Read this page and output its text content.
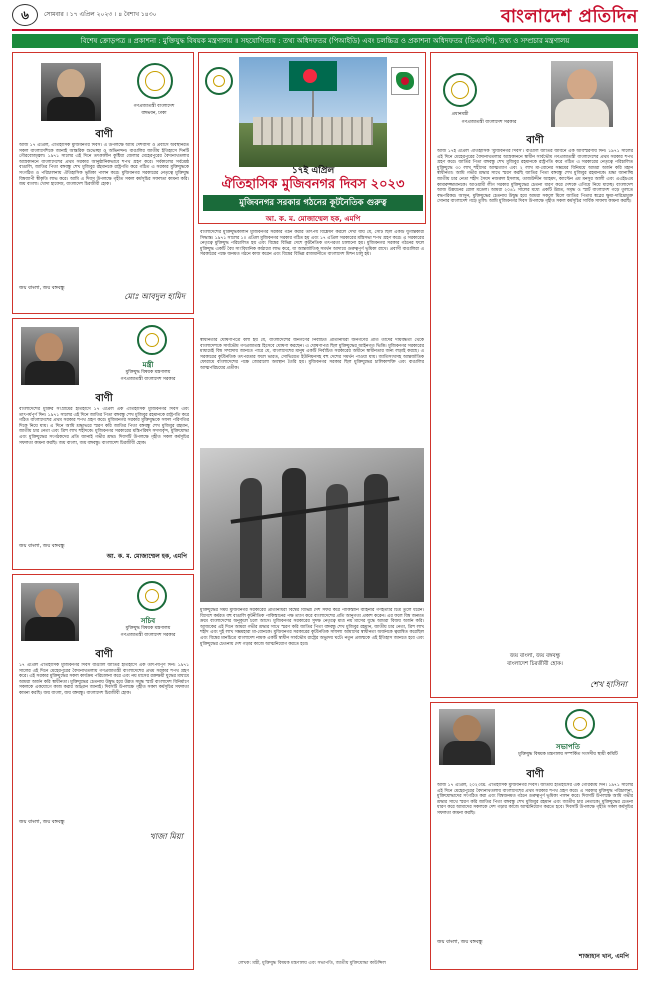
৬	সোমবার । ১৭ এপ্রিল ২০২৩ । ৪ বৈশাখ ১৪৩০	বাংলাদেশ প্রতিদিন
বিশেষ ক্রোড়পত্র ॥ প্রকাশনা : মুক্তিযুদ্ধ বিষয়ক মন্ত্রণালয় ॥ সহযোগিতায় : তথ্য অধিদফতর (পিআইডি) এবং চলচ্চিত্র ও প্রকাশনা অধিদফতর (ডিএফপি), তথ্য ও সম্প্রচার মন্ত্রণালয়
গণপ্রজাতন্ত্রী বাংলাদেশ
বঙ্গভবন, ঢাকা
বাণী
আজ ১৭ এপ্রিল, ঐতিহাসিক মুজিবনগর দিবস। এ উপলক্ষে আমি দেশবাসী ও প্রবাসে অবস্থানরত সকল বাংলাদেশিকে জানাই আন্তরিক শুভেচ্ছা ও অভিনন্দন। বাঙালির জাতীয় ইতিহাসে দিনটি গৌরবোজ্জ্বল। ১৯৭১ সালের এই দিনে তৎকালীন কুষ্টিয়া জেলার মেহেরপুরের বৈদ্যনাথতলার আম্রকাননে বাংলাদেশের প্রথম সরকার আনুষ্ঠানিকভাবে শপথ গ্রহণ করে। সর্বকালের সর্বশ্রেষ্ঠ বাঙালি, জাতির পিতা বঙ্গবন্ধু শেখ মুজিবুর রহমানকে রাষ্ট্রপতি করে গঠিত এ সরকার মুক্তিযুদ্ধকে সংগঠিত ও পরিচালনায় ঐতিহাসিক ভূমিকা পালন করে। মুজিবনগর সরকারের নেতৃত্বে মুক্তিযুদ্ধ বিশ্বব্যাপী স্বীকৃতি লাভ করে। আমি এ দিবস উপলক্ষে গৃহীত সকল কর্মসূচির সফলতা কামনা করি। জয় বাংলা। খোদা হাফেজ, বাংলাদেশ চিরজীবী হোক।
জয় বাংলা, জয় বঙ্গবন্ধু
মোঃ আবদুল হামিদ
মন্ত্রী
মুক্তিযুদ্ধ বিষয়ক মন্ত্রণালয়
গণপ্রজাতন্ত্রী বাংলাদেশ সরকার
বাণী
বাংলাদেশের মুক্তির সংগ্রামের ইতিহাসে ১৭ এপ্রিল এক ঐতিহাসিক মুজিবনগর দিবস এবং তাৎপর্যপূর্ণ দিন। ১৯৭১ সালের এই দিনে জাতির পিতা বঙ্গবন্ধু শেখ মুজিবুর রহমানকে রাষ্ট্রপতি করে গঠিত বাংলাদেশের প্রথম সরকার শপথ গ্রহণ করে। মুজিবনগর সরকার মুক্তিযুদ্ধকে সফল পরিণতির দিকে নিয়ে যায়। এ দিনে আমি শ্রদ্ধাভরে স্মরণ করি জাতির পিতা বঙ্গবন্ধু শেখ মুজিবুর রহমান, জাতীয় চার নেতা এবং ত্রিশ লাখ শহীদকে। মুজিবনগর সরকারের মন্ত্রিপরিষদ সদস্যবৃন্দ, মুক্তিযোদ্ধা এবং মুক্তিযুদ্ধের সংগঠকদের প্রতি জানাই গভীর শ্রদ্ধা। দিবসটি উপলক্ষে গৃহীত সকল কর্মসূচির সফলতা কামনা করছি। জয় বাংলা, জয় বঙ্গবন্ধু। বাংলাদেশ চিরজীবী হোক।
জয় বাংলা, জয় বঙ্গবন্ধু
আ. ক. ম. মোজাম্মেল হক, এমপি
সচিব
মুক্তিযুদ্ধ বিষয়ক মন্ত্রণালয়
গণপ্রজাতন্ত্রী বাংলাদেশ সরকার
বাণী
১৭ এপ্রিল ঐতিহাসিক মুজিবনগর দিবস বাঙালি জাতির ইতিহাসে এক তাৎপর্যপূর্ণ দিন। ১৯৭১ সালের এই দিনে মেহেরপুরের বৈদ্যনাথতলায় গণপ্রজাতন্ত্রী বাংলাদেশের প্রথম সরকার শপথ গ্রহণ করে। এই সরকার মুক্তিযুদ্ধের সকল কার্যক্রম পরিচালনা করে এবং নয় মাসের রক্তক্ষয়ী যুদ্ধের মাধ্যমে আমরা অর্জন করি স্বাধীনতা। মুক্তিযুদ্ধের চেতনায় উদ্বুদ্ধ হয়ে উন্নত সমৃদ্ধ স্মার্ট বাংলাদেশ বিনির্মাণে সকলকে একযোগে কাজ করার আহ্বান জানাই। দিবসটি উপলক্ষে গৃহীত সকল কর্মসূচির সফলতা কামনা করছি। জয় বাংলা, জয় বঙ্গবন্ধু। বাংলাদেশ চিরজীবী হোক।
জয় বাংলা, জয় বঙ্গবন্ধু
খাজা মিয়া
১৭ই এপ্রিল
ঐতিহাসিক মুজিবনগর দিবস ২০২৩
মুজিবনগর সরকার গঠনের কূটনৈতিক গুরুত্ব
আ. ক. ম. মোজাম্মেল হক, এমপি
বাংলাদেশের মুক্তিযুদ্ধকালীন মুজিবনগর সরকার গঠন করার তাৎপর্য বিশ্লেষণ করলে দেখা যায় যে, সেটি ছিল একটি যুগান্তকারী সিদ্ধান্ত। ১৯৭১ সালের ১০ এপ্রিল মুজিবনগর সরকার গঠিত হয় এবং ১৭ এপ্রিল সরকারের মন্ত্রিসভা শপথ গ্রহণ করে। এ সরকারের নেতৃত্বে মুক্তিযুদ্ধ পরিচালিত হয় এবং বিশ্বের বিভিন্ন দেশে কূটনৈতিক তৎপরতা চালানো হয়। মুজিবনগর সরকার গঠনের ফলে মুক্তিযুদ্ধ একটি বৈধ সাংবিধানিক কাঠামো লাভ করে, যা আন্তর্জাতিক সমর্থন আদায়ে গুরুত্বপূর্ণ ভূমিকা রাখে। প্রবাসী বাঙালিরা এ সরকারের পক্ষে জনমত গঠনে কাজ করেন এবং বিশ্বের বিভিন্ন রাজধানীতে বাংলাদেশ মিশন চালু হয়।
স্বাধীনতার ঘোষণাপত্রে বলা হয় যে, বাংলাদেশের জনগণের নির্বাচিত প্রতিনিধিরা জনগণের প্রতি তাঁদের দায়বদ্ধতা থেকে বাংলাদেশকে সার্বভৌম গণপ্রজাতন্ত্র হিসেবে ঘোষণা করছেন। এ ঘোষণাপত্র ছিল মুক্তিযুদ্ধের আইনগত ভিত্তি। মুজিবনগর সরকারের মাধ্যমেই বিশ্ব সম্প্রদায় জানতে পারে যে, বাংলাদেশের মানুষ একটি নির্বাচিত সরকারের অধীনে স্বাধীনতার জন্য লড়াই করছে। এ সরকারের কূটনৈতিক তৎপরতার ফলে ভারত, সোভিয়েত ইউনিয়নসহ বহু দেশের সমর্থন পাওয়া যায়। জাতিসংঘসহ আন্তর্জাতিক ফোরামে বাংলাদেশের পক্ষে জোরালো অবস্থান তৈরি হয়। মুজিবনগর সরকার ছিল মুক্তিযুদ্ধের চালিকাশক্তি এবং বাঙালির আত্মপরিচয়ের প্রতীক।
মুক্তিযুদ্ধের সময় মুজিবনগর সরকারের প্রতিনিধিরা বিশ্বের বিভিন্ন দেশ সফর করে পাকিস্তানি বাহিনীর গণহত্যার চিত্র তুলে ধরেন। বিদেশে কর্মরত বহু বাঙালি কূটনীতিক পাকিস্তানের পক্ষ ত্যাগ করে বাংলাদেশের প্রতি আনুগত্য প্রকাশ করেন। এর ফলে বিশ্ব জনমত ক্রমে বাংলাদেশের অনুকূলে চলে আসে। মুজিবনগর সরকারের সুদক্ষ নেতৃত্বে মাত্র নয় মাসের যুদ্ধে আমরা বিজয় অর্জন করি। আজকের এই দিনে আমরা গভীর শ্রদ্ধার সাথে স্মরণ করি জাতির পিতা বঙ্গবন্ধু শেখ মুজিবুর রহমান, জাতীয় চার নেতা, ত্রিশ লাখ শহীদ এবং দুই লাখ সম্ভ্রমহারা মা-বোনকে। মুজিবনগর সরকারের কূটনৈতিক সাফল্য আমাদের স্বাধীনতা অর্জনকে ত্বরান্বিত করেছিল এবং বিশ্বের মানচিত্রে বাংলাদেশ নামক একটি স্বাধীন সার্বভৌম রাষ্ট্রের অভ্যুদয় ঘটে। নতুন প্রজন্মকে এই ইতিহাস জানতে হবে এবং মুক্তিযুদ্ধের চেতনায় দেশ গড়ার কাজে আত্মনিয়োগ করতে হবে।
লেখক: মন্ত্রী, মুক্তিযুদ্ধ বিষয়ক মন্ত্রণালয় এবং সভাপতি, জাতীয় মুক্তিযোদ্ধা কাউন্সিল
প্রধানমন্ত্রী
গণপ্রজাতন্ত্রী বাংলাদেশ সরকার
বাণী
আজ ১৭ই এপ্রিল ঐতিহাসিক 'মুজিবনগর দিবস'। বাঙালি জাতির জীবনে এক অবিস্মরণীয় দিন। ১৯৭১ সালের এই দিনে মেহেরপুরের বৈদ্যনাথতলার আম্রকাননে স্বাধীন সার্বভৌম গণপ্রজাতন্ত্রী বাংলাদেশের প্রথম সরকার শপথ গ্রহণ করে। জাতির পিতা বঙ্গবন্ধু শেখ মুজিবুর রহমানকে রাষ্ট্রপতি করে গঠিত এ সরকারের নেতৃত্বে পরিচালিত মুক্তিযুদ্ধে ৩০ লাখ শহীদের আত্মত্যাগ এবং ২ লাখ মা-বোনের সম্ভ্রমের বিনিময়ে আমরা অর্জন করি মহান স্বাধীনতা। আমি গভীর শ্রদ্ধার সাথে স্মরণ করছি জাতির পিতা বঙ্গবন্ধু শেখ মুজিবুর রহমানকে। শ্রদ্ধা জানাচ্ছি জাতীয় চার নেতা শহীদ সৈয়দ নজরুল ইসলাম, তাজউদ্দীন আহমদ, ক্যাপ্টেন এম মনসুর আলী এবং এএইচএম কামারুজ্জামানকে। আওয়ামী লীগ সরকার মুক্তিযুদ্ধের চেতনা ধারণ করে দেশকে এগিয়ে নিয়ে যাচ্ছে। বাংলাদেশ আজ উন্নয়নের রোল মডেল। আমরা ২০৪১ সালের মধ্যে একটি উন্নত, সমৃদ্ধ ও স্মার্ট বাংলাদেশ গড়ে তুলতে বদ্ধপরিকর। আসুন, মুক্তিযুদ্ধের চেতনায় উদ্বুদ্ধ হয়ে আমরা সকলে মিলে জাতির পিতার স্বপ্নের ক্ষুধা-দারিদ্র্যমুক্ত সোনার বাংলাদেশ গড়ে তুলি। আমি মুজিবনগর দিবস উপলক্ষে গৃহীত সকল কর্মসূচির সার্বিক সাফল্য কামনা করছি।
জয় বাংলা, জয় বঙ্গবন্ধু
বাংলাদেশ চিরজীবী হোক।
শেখ হাসিনা
সভাপতি
মুক্তিযুদ্ধ বিষয়ক মন্ত্রণালয় সম্পর্কিত সংসদীয় স্থায়ী কমিটি
বাণী
আজ ১৭ এপ্রিল, ২০২৩খ্রি. ঐতিহাসিক মুজিবনগর দিবস। জাতীয় ইতিহাসের এক গৌরবময় দিন। ১৯৭১ সালের এই দিনে মেহেরপুরের বৈদ্যনাথতলায় বাংলাদেশের প্রথম সরকার শপথ গ্রহণ করে। এ সরকার মুক্তিযুদ্ধ পরিচালনা, মুক্তিযোদ্ধাদের সংগঠিত করা এবং বিশ্বজনমত গঠনে গুরুত্বপূর্ণ ভূমিকা পালন করে। দিবসটি উপলক্ষে আমি গভীর শ্রদ্ধার সাথে স্মরণ করি জাতির পিতা বঙ্গবন্ধু শেখ মুজিবুর রহমান এবং জাতীয় চার নেতাকে। মুক্তিযুদ্ধের চেতনা ধারণ করে আমাদের সকলকে দেশ গড়ার কাজে আত্মনিয়োগ করতে হবে। দিবসটি উপলক্ষে গৃহীত সকল কর্মসূচির সফলতা কামনা করছি।
জয় বাংলা, জয় বঙ্গবন্ধু
শাজাহান খান, এমপি
